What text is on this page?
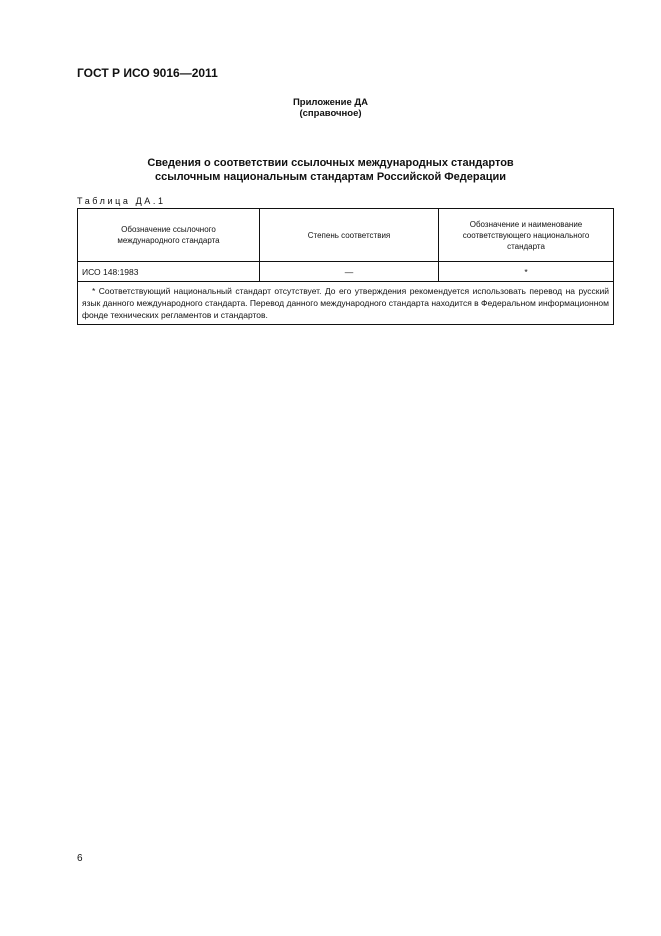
ГОСТ Р ИСО 9016—2011
Приложение ДА
(справочное)
Сведения о соответствии ссылочных международных стандартов
ссылочным национальным стандартам Российской Федерации
Таблица ДА.1
Обозначение ссылочного международного стандарта	Степень соответствия	Обозначение и наименование соответствующего национального стандарта

ИСО 148:1983	—	*

* Соответствующий национальный стандарт отсутствует. До его утверждения рекомендуется использовать перевод на русский язык данного международного стандарта. Перевод данного международного стандарта находится в Федеральном информационном фонде технических регламентов и стандартов.		
6
